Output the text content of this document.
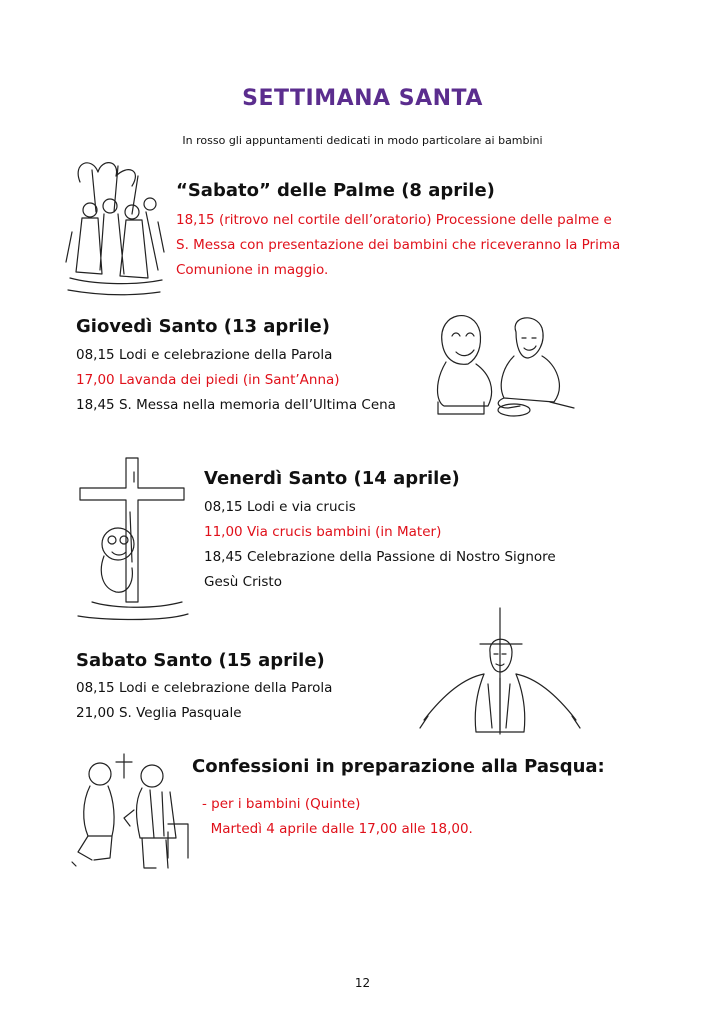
SETTIMANA SANTA
In rosso gli appuntamenti dedicati in modo particolare ai bambini
“Sabato” delle Palme (8 aprile)
18,15 (ritrovo nel cortile dell’oratorio) Processione delle palme e
S. Messa con presentazione dei bambini che riceveranno la Prima
Comunione in maggio.
Giovedì Santo (13 aprile)
08,15 Lodi e celebrazione della Parola
17,00 Lavanda dei piedi (in Sant’Anna)
18,45 S. Messa nella memoria dell’Ultima Cena
Venerdì Santo (14 aprile)
08,15 Lodi e via crucis
11,00 Via crucis bambini (in Mater)
18,45 Celebrazione della Passione di Nostro Signore
Gesù Cristo
Sabato Santo (15 aprile)
08,15 Lodi e celebrazione della Parola
21,00 S. Veglia Pasquale
Confessioni in preparazione alla Pasqua:
- per i bambini (Quinte)
Martedì 4 aprile dalle 17,00 alle 18,00.
12
